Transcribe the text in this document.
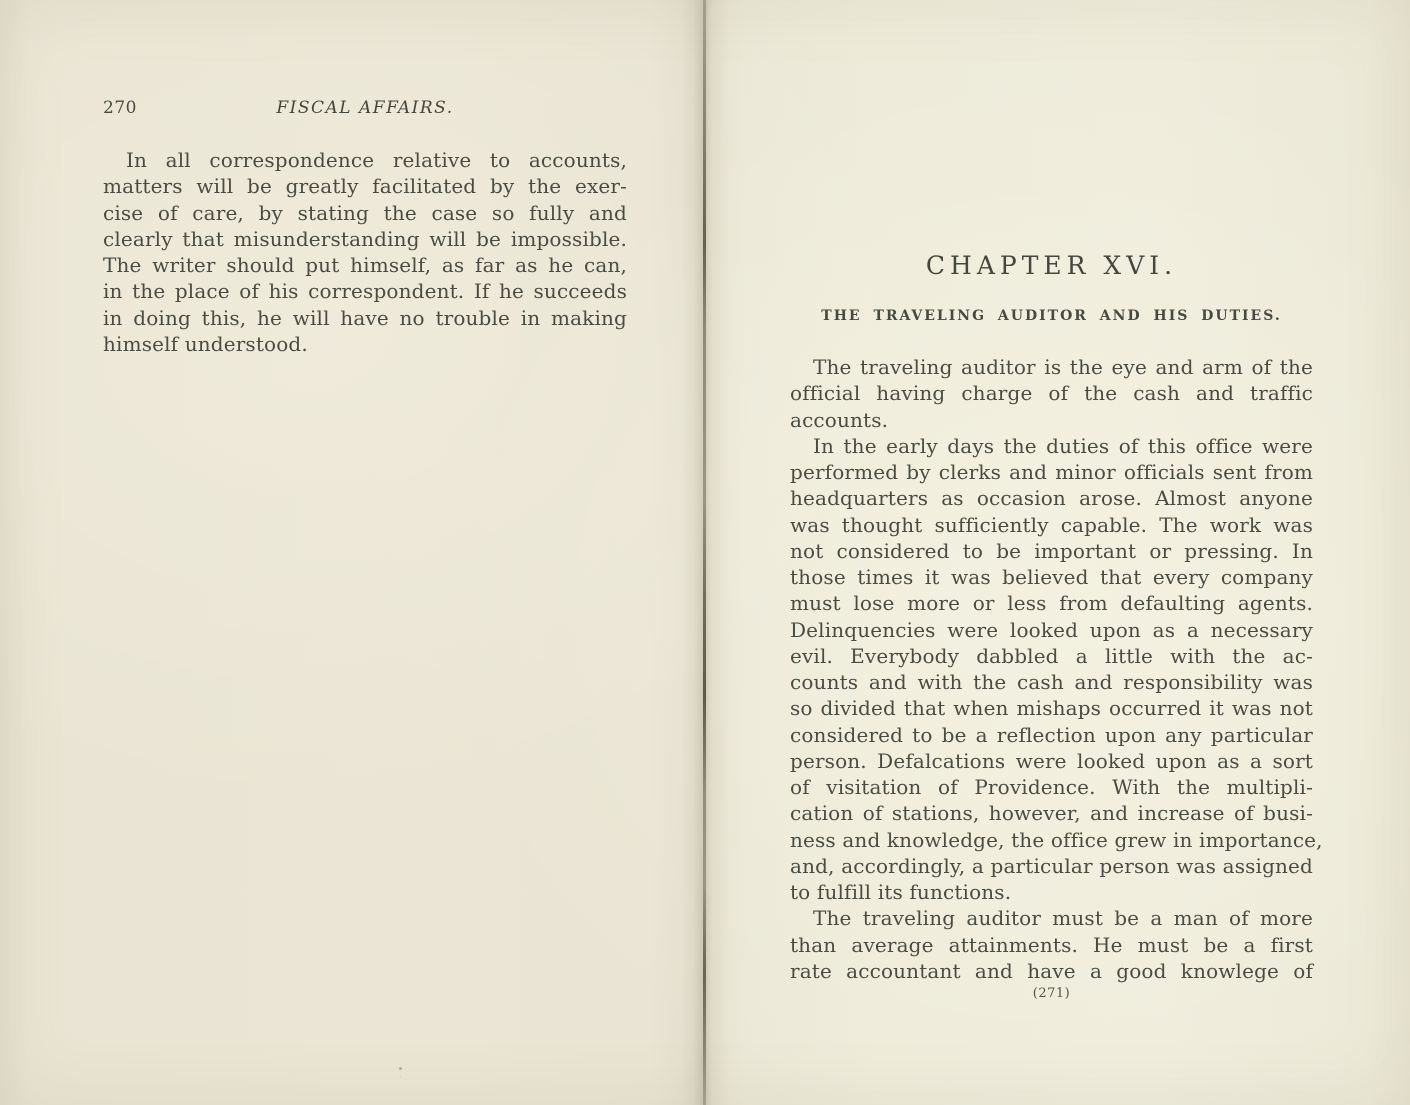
270	FISCAL AFFAIRS.
In all correspondence relative to accounts,
matters will be greatly facilitated by the exer-
cise of care, by stating the case so fully and
clearly that misunderstanding will be impossible.
The writer should put himself, as far as he can,
in the place of his correspondent. If he succeeds
in doing this, he will have no trouble in making
himself understood.
CHAPTER XVI.
THE TRAVELING AUDITOR AND HIS DUTIES.
The traveling auditor is the eye and arm of the
official having charge of the cash and traffic
accounts.
In the early days the duties of this office were
performed by clerks and minor officials sent from
headquarters as occasion arose. Almost anyone
was thought sufficiently capable. The work was
not considered to be important or pressing. In
those times it was believed that every company
must lose more or less from defaulting agents.
Delinquencies were looked upon as a necessary
evil. Everybody dabbled a little with the ac-
counts and with the cash and responsibility was
so divided that when mishaps occurred it was not
considered to be a reflection upon any particular
person. Defalcations were looked upon as a sort
of visitation of Providence. With the multipli-
cation of stations, however, and increase of busi-
ness and knowledge, the office grew in importance,
and, accordingly, a particular person was assigned
to fulfill its functions.
The traveling auditor must be a man of more
than average attainments. He must be a first
rate accountant and have a good knowlege of
(271)
